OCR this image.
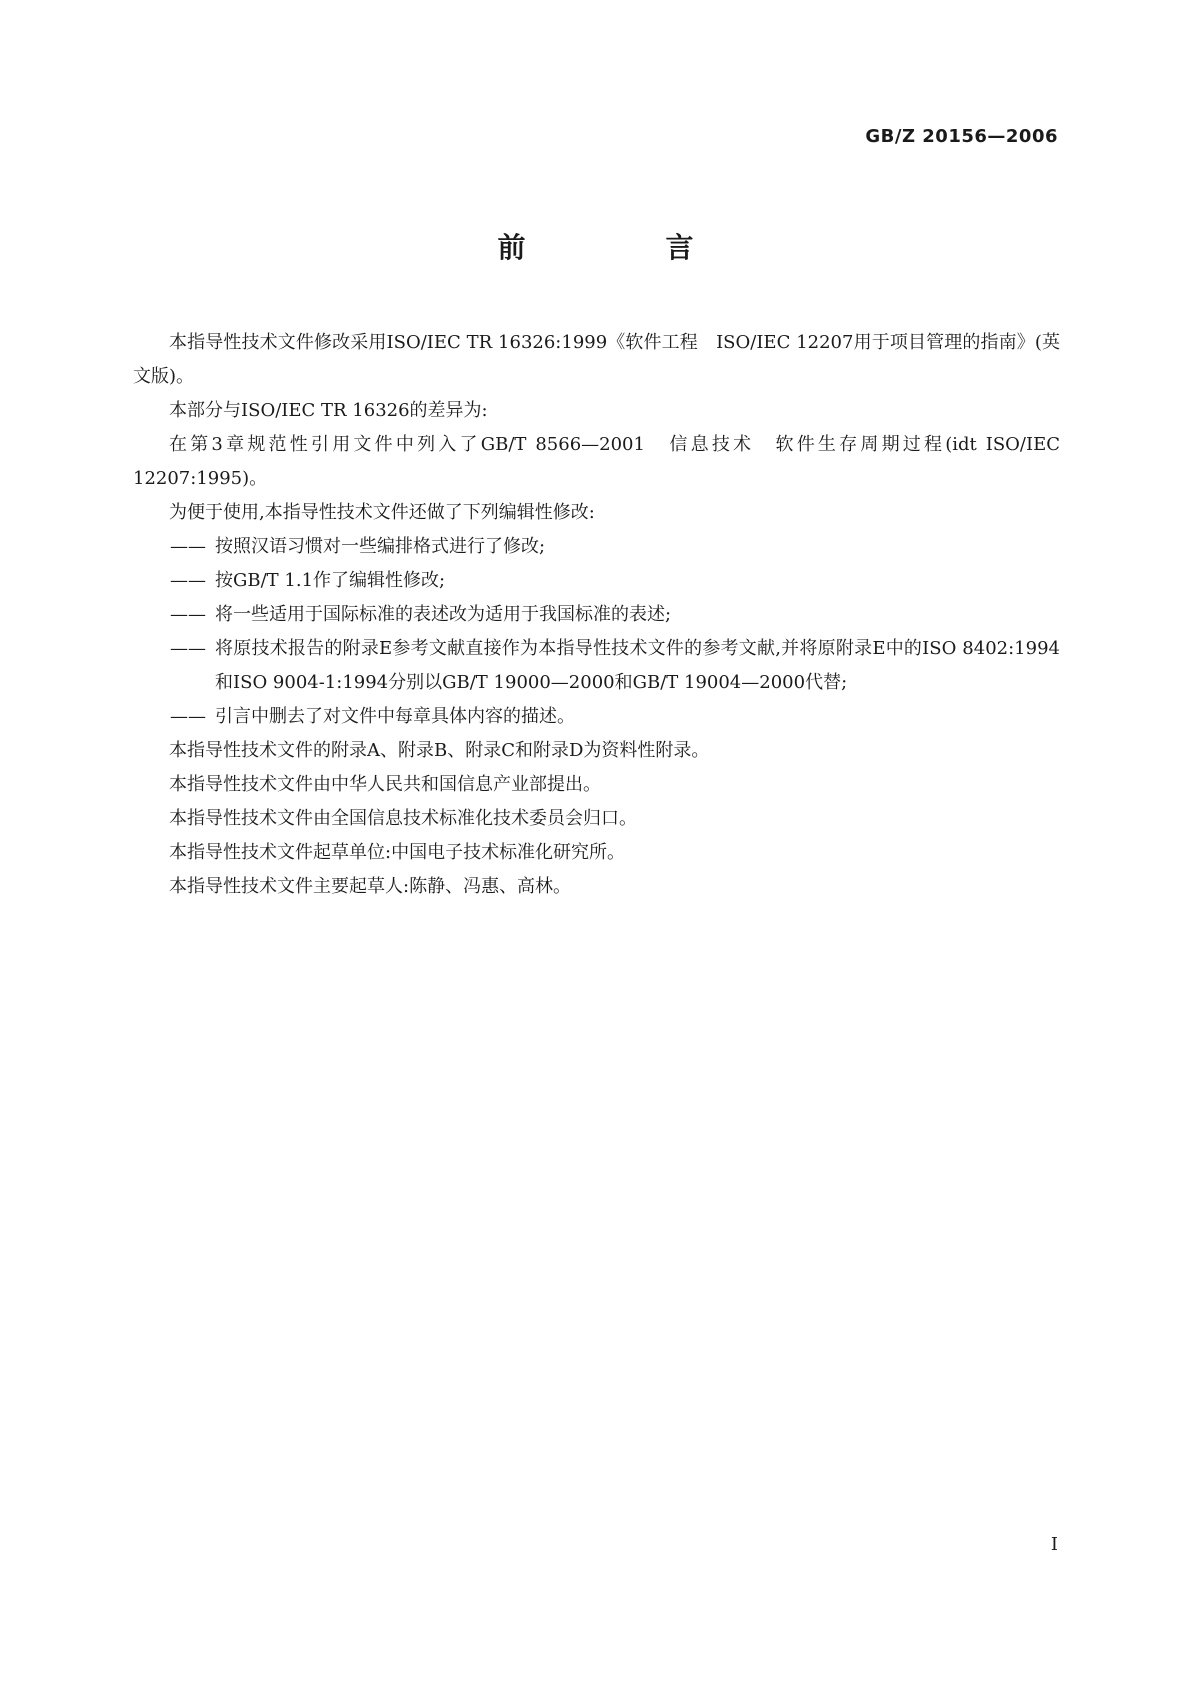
GB/Z 20156—2006
前　言

本指导性技术文件修改采用ISO/IEC TR 16326:1999《软件工程　ISO/IEC 12207用于项目管理的指南》(英文版)。

本部分与ISO/IEC TR 16326的差异为:

在第3章规范性引用文件中列入了GB/T 8566—2001　信息技术　软件生存周期过程(idt ISO/IEC 12207:1995)。

为便于使用,本指导性技术文件还做了下列编辑性修改:

—— 按照汉语习惯对一些编排格式进行了修改;
—— 按GB/T 1.1作了编辑性修改;
—— 将一些适用于国际标准的表述改为适用于我国标准的表述;
—— 将原技术报告的附录E参考文献直接作为本指导性技术文件的参考文献,并将原附录E中的ISO 8402:1994和ISO 9004-1:1994分别以GB/T 19000—2000和GB/T 19004—2000代替;
—— 引言中删去了对文件中每章具体内容的描述。

本指导性技术文件的附录A、附录B、附录C和附录D为资料性附录。

本指导性技术文件由中华人民共和国信息产业部提出。

本指导性技术文件由全国信息技术标准化技术委员会归口。

本指导性技术文件起草单位:中国电子技术标准化研究所。

本指导性技术文件主要起草人:陈静、冯惠、高林。

I
